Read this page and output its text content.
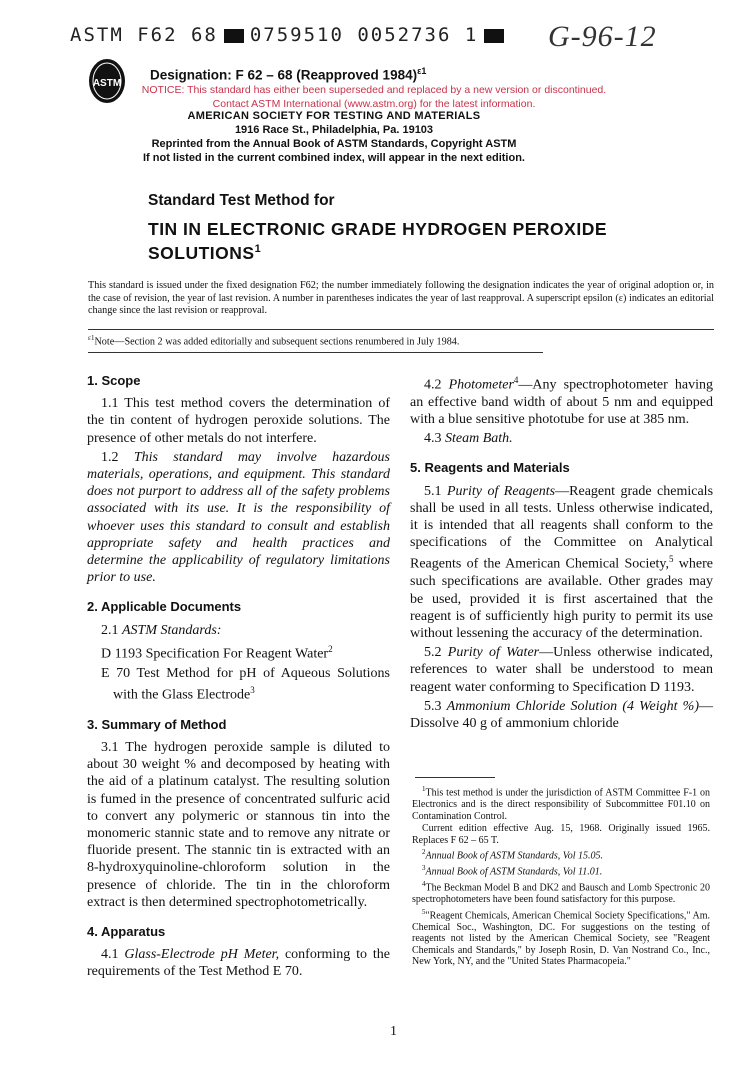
ASTM F62 68 0759510 0052736 1	G-96-12
ASTM
Designation: F 62 – 68 (Reapproved 1984)$^{\varepsilon 1}$
NOTICE: This standard has either been superseded and replaced by a new version or discontinued.
Contact ASTM International (www.astm.org) for the latest information.
AMERICAN SOCIETY FOR TESTING AND MATERIALS
1916 Race St., Philadelphia, Pa. 19103
Reprinted from the Annual Book of ASTM Standards, Copyright ASTM
If not listed in the current combined index, will appear in the next edition.
Standard Test Method for
TIN IN ELECTRONIC GRADE HYDROGEN PEROXIDE
SOLUTIONS$^1$
This standard is issued under the fixed designation F62; the number immediately following the designation indicates the year of original adoption or, in the case of revision, the year of last revision. A number in parentheses indicates the year of last reapproval. A superscript epsilon (ε) indicates an editorial change since the last revision or reapproval.
$^{\varepsilon 1}$Note—Section 2 was added editorially and subsequent sections renumbered in July 1984.
1. Scope

1.1 This test method covers the determination of the tin content of hydrogen peroxide solutions. The presence of other metals do not interfere.

1.2 This standard may involve hazardous materials, operations, and equipment. This standard does not purport to address all of the safety problems associated with its use. It is the responsibility of whoever uses this standard to consult and establish appropriate safety and health practices and determine the applicability of regulatory limitations prior to use.

2. Applicable Documents

2.1 ASTM Standards:

D 1193 Specification For Reagent Water$^2$

E 70 Test Method for pH of Aqueous Solutions with the Glass Electrode$^3$

3. Summary of Method

3.1 The hydrogen peroxide sample is diluted to about 30 weight % and decomposed by heating with the aid of a platinum catalyst. The resulting solution is fumed in the presence of concentrated sulfuric acid to convert any polymeric or stannous tin into the monomeric stannic state and to remove any nitrate or fluoride present. The stannic tin is extracted with an 8-hydroxyquinoline-chloroform solution in the presence of chloride. The tin in the chloroform extract is then determined spectrophotometrically.

4. Apparatus

4.1 Glass-Electrode pH Meter, conforming to the requirements of the Test Method E 70.

4.2 Photometer$^4$—Any spectrophotometer having an effective band width of about 5 nm and equipped with a blue sensitive phototube for use at 385 nm.

4.3 Steam Bath.

5. Reagents and Materials

5.1 Purity of Reagents—Reagent grade chemicals shall be used in all tests. Unless otherwise indicated, it is intended that all reagents shall conform to the specifications of the Committee on Analytical Reagents of the American Chemical Society,$^5$ where such specifications are available. Other grades may be used, provided it is first ascertained that the reagent is of sufficiently high purity to permit its use without lessening the accuracy of the determination.

5.2 Purity of Water—Unless otherwise indicated, references to water shall be understood to mean reagent water conforming to Specification D 1193.

5.3 Ammonium Chloride Solution (4 Weight %)—Dissolve 40 g of ammonium chloride

$^1$This test method is under the jurisdiction of ASTM Committee F-1 on Electronics and is the direct responsibility of Subcommittee F01.10 on Contamination Control.

Current edition effective Aug. 15, 1968. Originally issued 1965. Replaces F 62 – 65 T.

$^2$Annual Book of ASTM Standards, Vol 15.05.

$^3$Annual Book of ASTM Standards, Vol 11.01.

$^4$The Beckman Model B and DK2 and Bausch and Lomb Spectronic 20 spectrophotometers have been found satisfactory for this purpose.

$^5$"Reagent Chemicals, American Chemical Society Specifications," Am. Chemical Soc., Washington, DC. For suggestions on the testing of reagents not listed by the American Chemical Society, see "Reagent Chemicals and Standards," by Joseph Rosin, D. Van Nostrand Co., Inc., New York, NY, and the "United States Pharmacopeia."

1
